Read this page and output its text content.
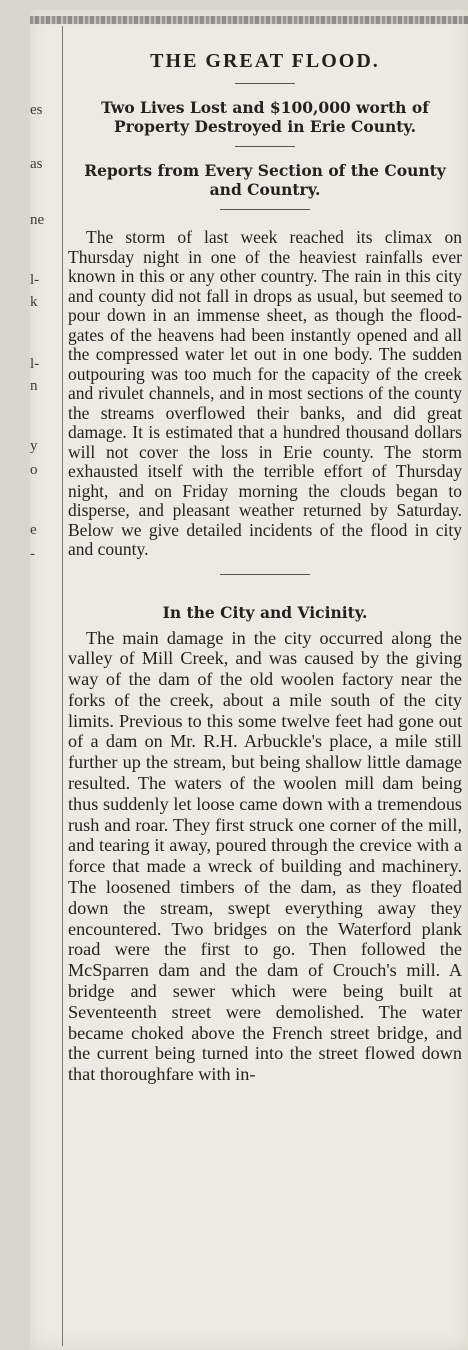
es
as
ne
l-
k
l-
n
y
o
e
-
THE GREAT FLOOD.
Two Lives Lost and $100,000 worth of Property Destroyed in Erie County.
Reports from Every Section of the County and Country.

The storm of last week reached its climax on Thursday night in one of the heaviest rainfalls ever known in this or any other country. The rain in this city and county did not fall in drops as usual, but seemed to pour down in an immense sheet, as though the flood-gates of the heavens had been instantly opened and all the compressed water let out in one body. The sudden outpouring was too much for the capacity of the creek and rivulet channels, and in most sections of the county the streams overflowed their banks, and did great damage. It is estimated that a hundred thousand dollars will not cover the loss in Erie county. The storm exhausted itself with the terrible effort of Thursday night, and on Friday morning the clouds began to disperse, and pleasant weather returned by Saturday. Below we give detailed incidents of the flood in city and county.

In the City and Vicinity.

The main damage in the city occurred along the valley of Mill Creek, and was caused by the giving way of the dam of the old woolen factory near the forks of the creek, about a mile south of the city limits. Previous to this some twelve feet had gone out of a dam on Mr. R.H. Arbuckle's place, a mile still further up the stream, but being shallow little damage resulted. The waters of the woolen mill dam being thus suddenly let loose came down with a tremendous rush and roar. They first struck one corner of the mill, and tearing it away, poured through the crevice with a force that made a wreck of building and machinery. The loosened timbers of the dam, as they floated down the stream, swept everything away they encountered. Two bridges on the Waterford plank road were the first to go. Then followed the McSparren dam and the dam of Crouch's mill. A bridge and sewer which were being built at Seventeenth street were demolished. The water became choked above the French street bridge, and the current being turned into the street flowed down that thoroughfare with in-
